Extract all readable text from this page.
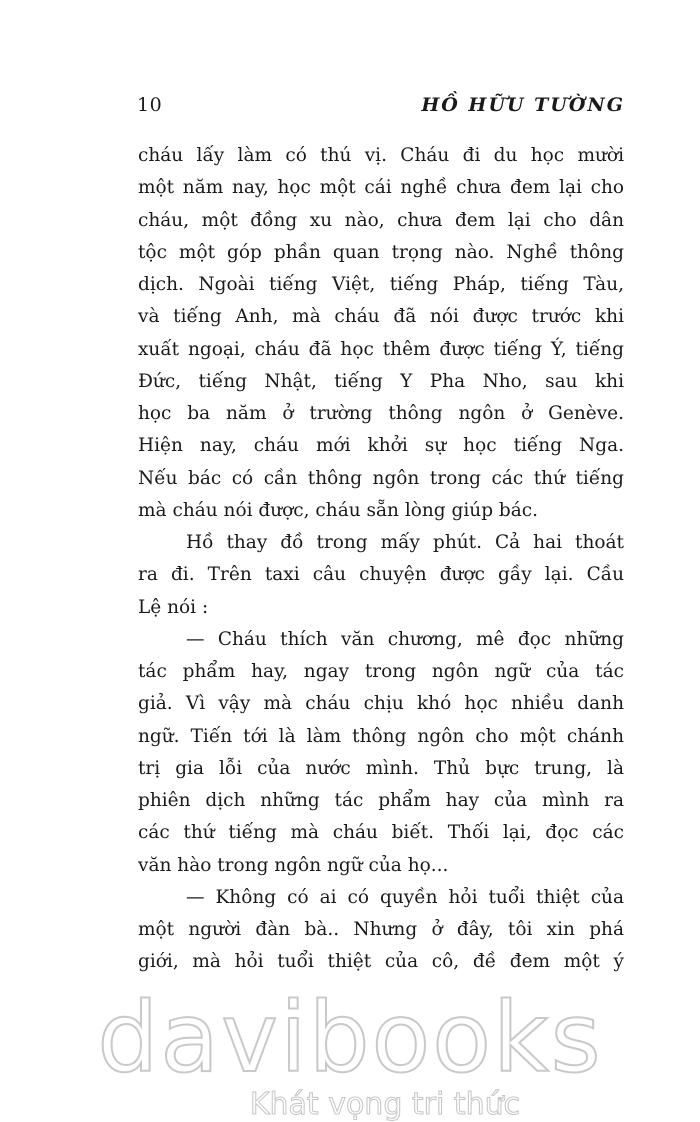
10	HỒ HỮU TƯỜNG
cháu lấy làm có thú vị. Cháu đi du học mười
một năm nay, học một cái nghề chưa đem lại cho
cháu, một đồng xu nào, chưa đem lại cho dân
tộc một góp phần quan trọng nào. Nghề thông
dịch. Ngoài tiếng Việt, tiếng Pháp, tiếng Tàu,
và tiếng Anh, mà cháu đã nói được trước khi
xuất ngoại, cháu đã học thêm được tiếng Ý, tiếng
Đức, tiếng Nhật, tiếng Y Pha Nho, sau khi
học ba năm ở trường thông ngôn ở Genève.
Hiện nay, cháu mới khởi sự học tiếng Nga.
Nếu bác có cần thông ngôn trong các thứ tiếng
mà cháu nói được, cháu sẵn lòng giúp bác.
Hồ thay đồ trong mấy phút. Cả hai thoát
ra đi. Trên taxi câu chuyện được gầy lại. Cầu
Lệ nói :
— Cháu thích văn chương, mê đọc những
tác phẩm hay, ngay trong ngôn ngữ của tác
giả. Vì vậy mà cháu chịu khó học nhiều danh
ngữ. Tiến tới là làm thông ngôn cho một chánh
trị gia lỗi của nước mình. Thủ bực trung, là
phiên dịch những tác phẩm hay của mình ra
các thứ tiếng mà cháu biết. Thối lại, đọc các
văn hào trong ngôn ngữ của họ...
— Không có ai có quyền hỏi tuổi thiệt của
một người đàn bà.. Nhưng ở đây, tôi xin phá
giới, mà hỏi tuổi thiệt của cô, đề đem một ý
davibooks
Khát vọng tri thức
